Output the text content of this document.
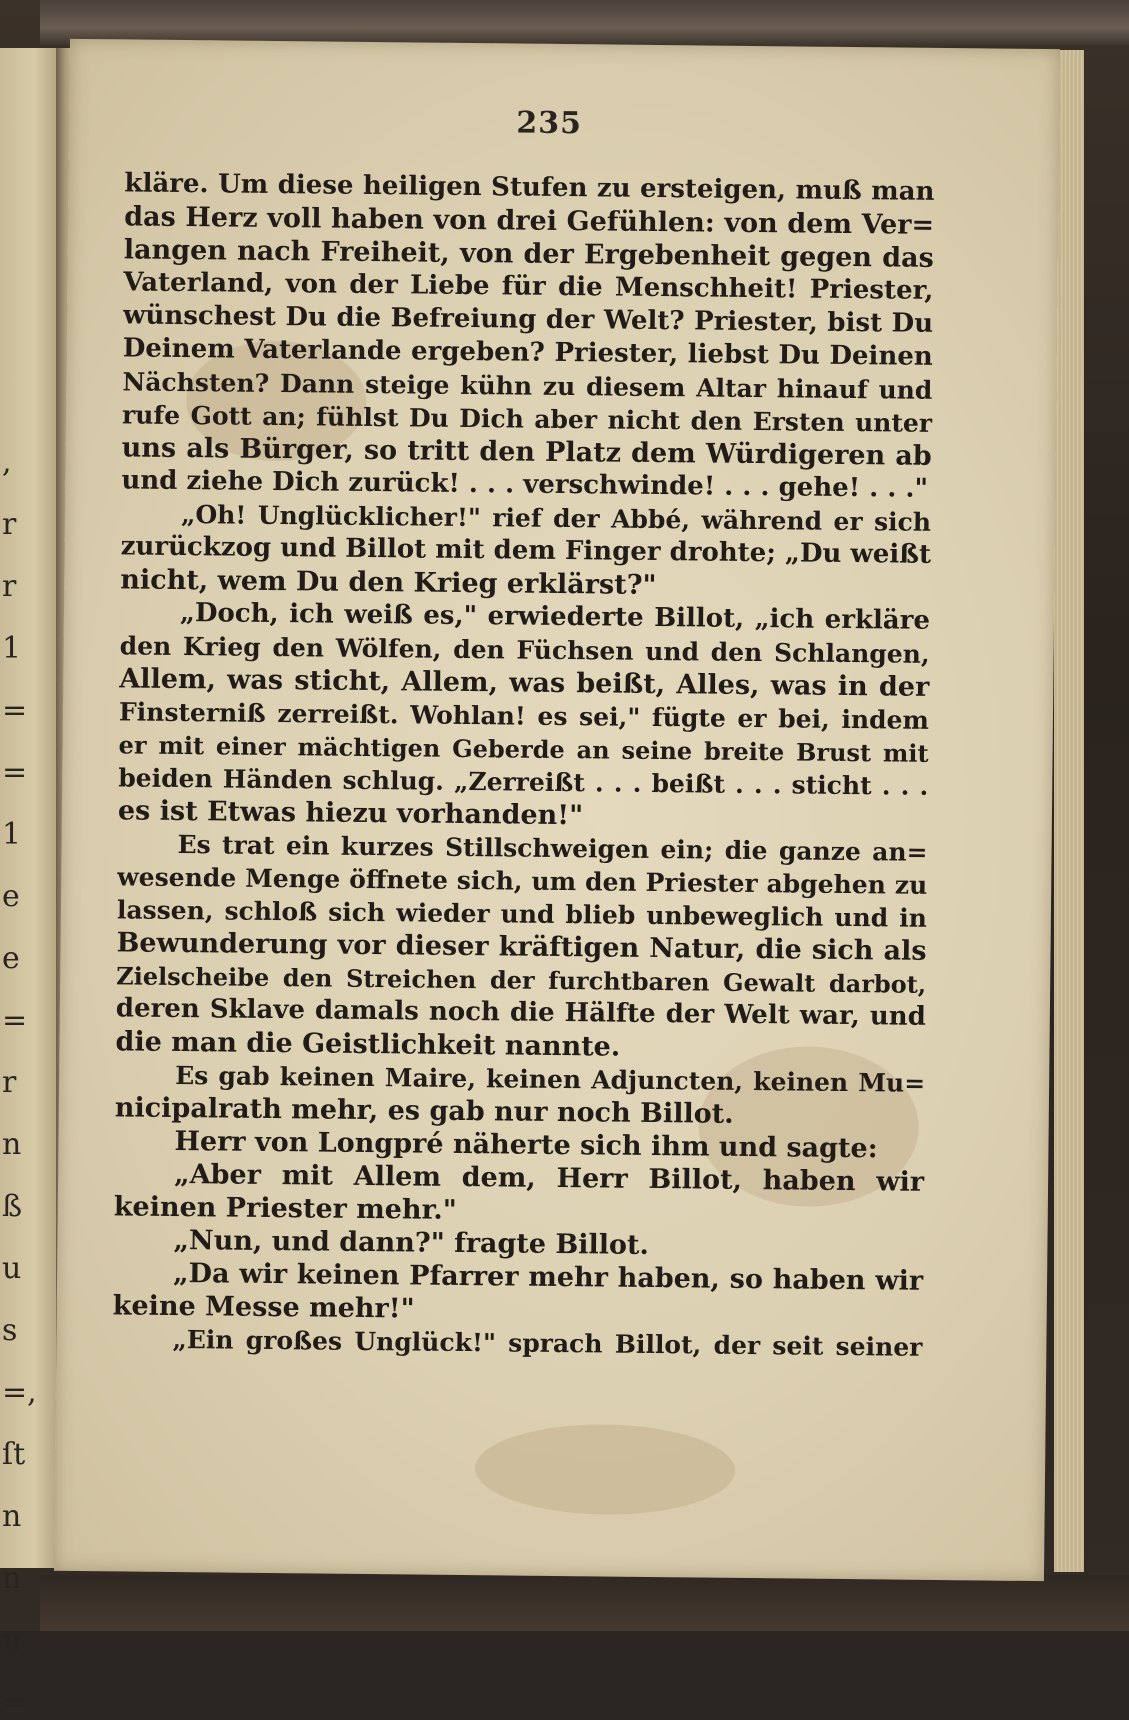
,
r
r
1
=
=
1
e
e
=
r
n
ß
u
s
=,
ſt
n
n
n
=
235
kläre. Um diese heiligen Stufen zu ersteigen, muß man
das Herz voll haben von drei Gefühlen: von dem Ver=
langen nach Freiheit, von der Ergebenheit gegen das
Vaterland, von der Liebe für die Menschheit! Priester,
wünschest Du die Befreiung der Welt? Priester, bist Du
Deinem Vaterlande ergeben? Priester, liebst Du Deinen
Nächsten? Dann steige kühn zu diesem Altar hinauf und
rufe Gott an; fühlst Du Dich aber nicht den Ersten unter
uns als Bürger, so tritt den Platz dem Würdigeren ab
und ziehe Dich zurück! . . . verschwinde! . . . gehe! . . ."
„Oh! Unglücklicher!" rief der Abbé, während er sich
zurückzog und Billot mit dem Finger drohte; „Du weißt
nicht, wem Du den Krieg erklärst?"
„Doch, ich weiß es," erwiederte Billot, „ich erkläre
den Krieg den Wölfen, den Füchsen und den Schlangen,
Allem, was sticht, Allem, was beißt, Alles, was in der
Finsterniß zerreißt. Wohlan! es sei," fügte er bei, indem
er mit einer mächtigen Geberde an seine breite Brust mit
beiden Händen schlug. „Zerreißt . . . beißt . . . sticht . . .
es ist Etwas hiezu vorhanden!"
Es trat ein kurzes Stillschweigen ein; die ganze an=
wesende Menge öffnete sich, um den Priester abgehen zu
lassen, schloß sich wieder und blieb unbeweglich und in
Bewunderung vor dieser kräftigen Natur, die sich als
Zielscheibe den Streichen der furchtbaren Gewalt darbot,
deren Sklave damals noch die Hälfte der Welt war, und
die man die Geistlichkeit nannte.
Es gab keinen Maire, keinen Adjuncten, keinen Mu=
nicipalrath mehr, es gab nur noch Billot.
Herr von Longpré näherte sich ihm und sagte:
„Aber mit Allem dem, Herr Billot, haben wir
keinen Priester mehr."
„Nun, und dann?" fragte Billot.
„Da wir keinen Pfarrer mehr haben, so haben wir
keine Messe mehr!"
„Ein großes Unglück!" sprach Billot, der seit seiner
